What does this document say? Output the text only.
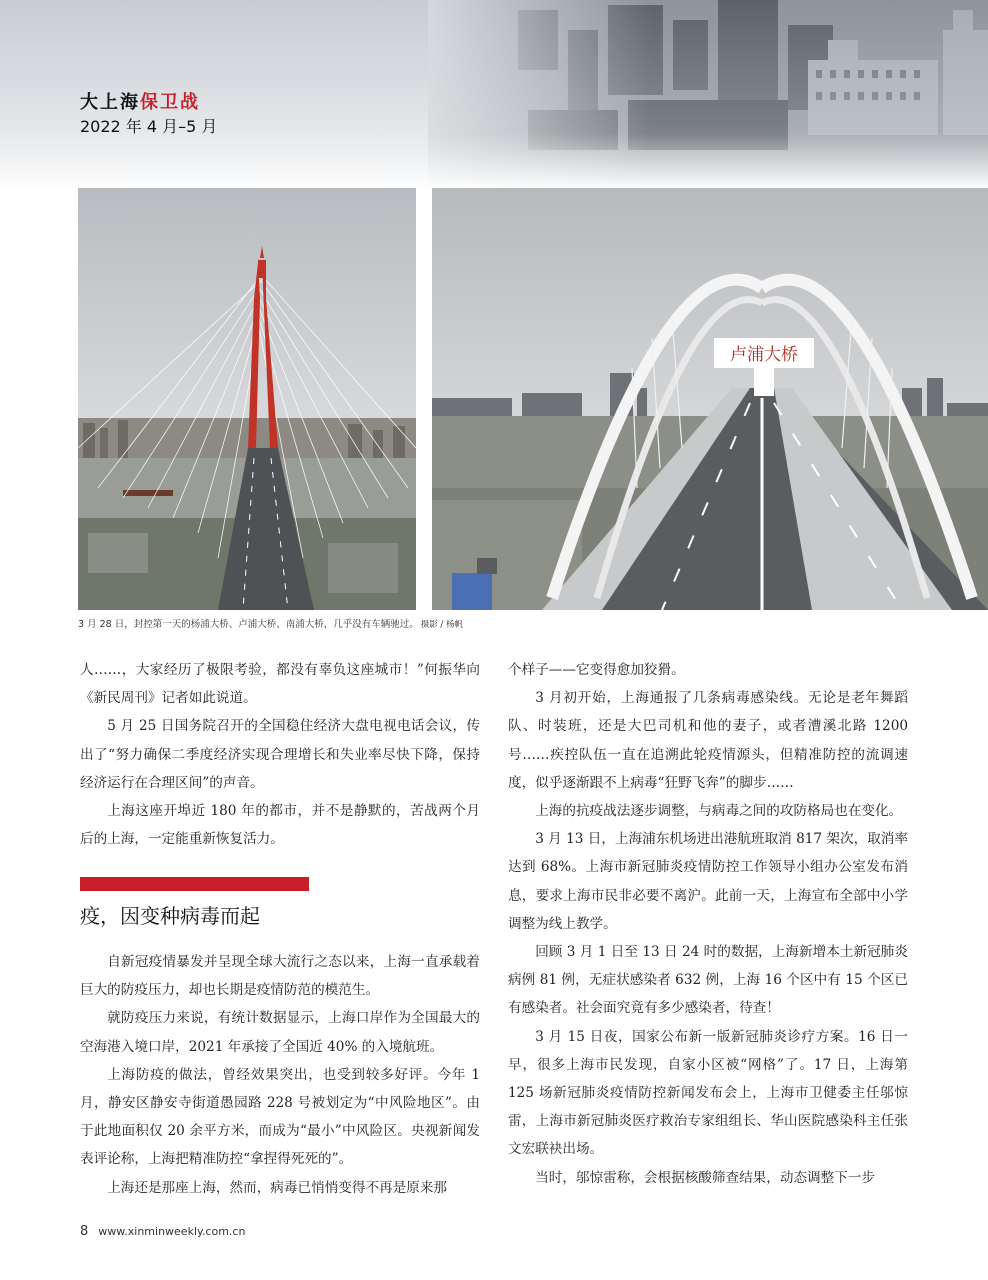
大上海保卫战
2022 年 4 月–5 月
卢浦大桥
3 月 28 日，封控第一天的杨浦大桥、卢浦大桥、南浦大桥，几乎没有车辆驰过。 摄影 / 杨帆

人……，大家经历了极限考验，都没有辜负这座城市！”何振华向《新民周刊》记者如此说道。

5 月 25 日国务院召开的全国稳住经济大盘电视电话会议，传出了“努力确保二季度经济实现合理增长和失业率尽快下降，保持经济运行在合理区间”的声音。

上海这座开埠近 180 年的都市，并不是静默的，苦战两个月后的上海，一定能重新恢复活力。

疫，因变种病毒而起

自新冠疫情暴发并呈现全球大流行之态以来，上海一直承载着巨大的防疫压力，却也长期是疫情防范的模范生。

就防疫压力来说，有统计数据显示，上海口岸作为全国最大的空海港入境口岸，2021 年承接了全国近 40% 的入境航班。

上海防疫的做法，曾经效果突出，也受到较多好评。今年 1 月，静安区静安寺街道愚园路 228 号被划定为“中风险地区”。由于此地面积仅 20 余平方米，而成为“最小”中风险区。央视新闻发表评论称，上海把精准防控“拿捏得死死的”。

上海还是那座上海，然而，病毒已悄悄变得不再是原来那

个样子——它变得愈加狡猾。

3 月初开始，上海通报了几条病毒感染线。无论是老年舞蹈队、时装班，还是大巴司机和他的妻子，或者漕溪北路 1200 号……疾控队伍一直在追溯此轮疫情源头，但精准防控的流调速度，似乎逐渐跟不上病毒“狂野飞奔”的脚步……

上海的抗疫战法逐步调整，与病毒之间的攻防格局也在变化。

3 月 13 日，上海浦东机场进出港航班取消 817 架次，取消率达到 68%。上海市新冠肺炎疫情防控工作领导小组办公室发布消息，要求上海市民非必要不离沪。此前一天，上海宣布全部中小学调整为线上教学。

回顾 3 月 1 日至 13 日 24 时的数据，上海新增本土新冠肺炎病例 81 例，无症状感染者 632 例，上海 16 个区中有 15 个区已有感染者。社会面究竟有多少感染者，待查！

3 月 15 日夜，国家公布新一版新冠肺炎诊疗方案。16 日一早，很多上海市民发现，自家小区被“网格”了。17 日，上海第 125 场新冠肺炎疫情防控新闻发布会上，上海市卫健委主任邬惊雷，上海市新冠肺炎医疗救治专家组组长、华山医院感染科主任张文宏联袂出场。

当时，邬惊雷称，会根据核酸筛查结果，动态调整下一步

8 www.xinminweekly.com.cn
